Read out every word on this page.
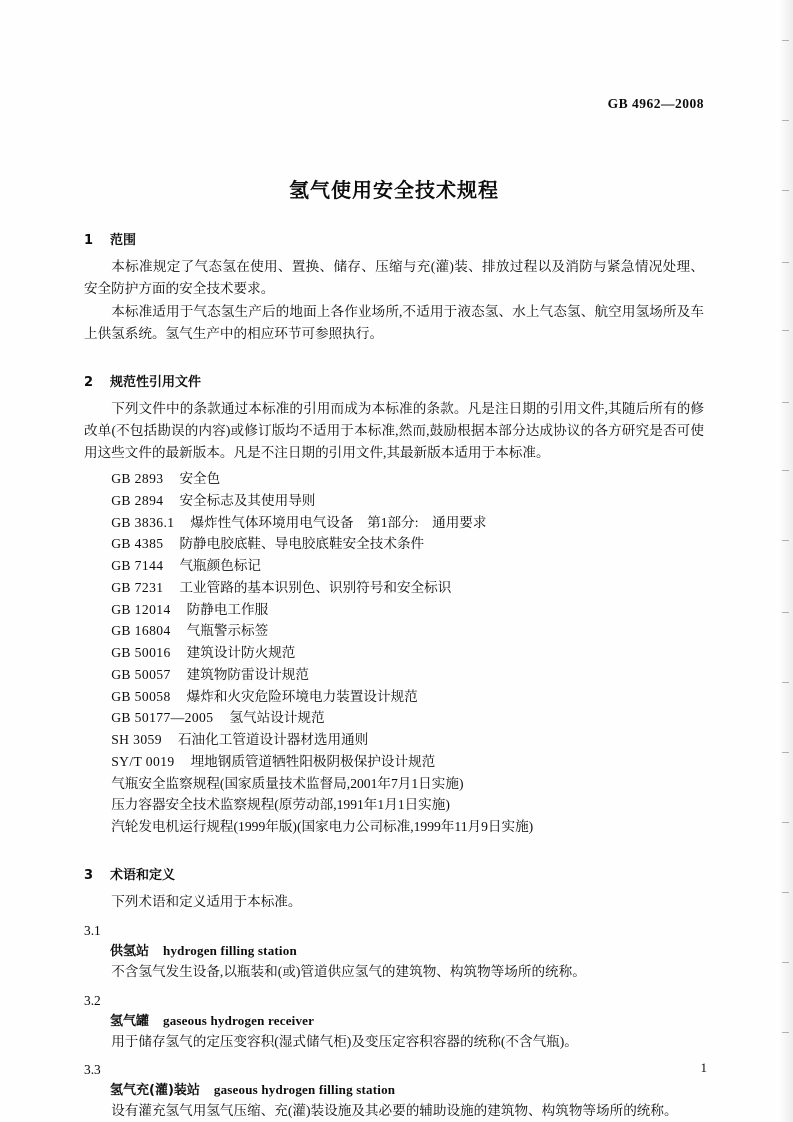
GB 4962—2008
氢气使用安全技术规程
1 范围

本标准规定了气态氢在使用、置换、储存、压缩与充(灌)装、排放过程以及消防与紧急情况处理、安全防护方面的安全技术要求。

本标准适用于气态氢生产后的地面上各作业场所,不适用于液态氢、水上气态氢、航空用氢场所及车上供氢系统。氢气生产中的相应环节可参照执行。

2 规范性引用文件

下列文件中的条款通过本标准的引用而成为本标准的条款。凡是注日期的引用文件,其随后所有的修改单(不包括勘误的内容)或修订版均不适用于本标准,然而,鼓励根据本部分达成协议的各方研究是否可使用这些文件的最新版本。凡是不注日期的引用文件,其最新版本适用于本标准。

GB 2893 安全色
GB 2894 安全标志及其使用导则
GB 3836.1 爆炸性气体环境用电气设备　第1部分:　通用要求
GB 4385 防静电胶底鞋、导电胶底鞋安全技术条件
GB 7144 气瓶颜色标记
GB 7231 工业管路的基本识别色、识别符号和安全标识
GB 12014 防静电工作服
GB 16804 气瓶警示标签
GB 50016 建筑设计防火规范
GB 50057 建筑物防雷设计规范
GB 50058 爆炸和火灾危险环境电力装置设计规范
GB 50177—2005 氢气站设计规范
SH 3059 石油化工管道设计器材选用通则
SY/T 0019 埋地钢质管道牺牲阳极阴极保护设计规范
气瓶安全监察规程(国家质量技术监督局,2001年7月1日实施)
压力容器安全技术监察规程(原劳动部,1991年1月1日实施)
汽轮发电机运行规程(1999年版)(国家电力公司标准,1999年11月9日实施)
3 术语和定义

下列术语和定义适用于本标准。

3.1
供氢站 hydrogen filling station

不含氢气发生设备,以瓶装和(或)管道供应氢气的建筑物、构筑物等场所的统称。

3.2
氢气罐 gaseous hydrogen receiver

用于储存氢气的定压变容积(湿式储气柜)及变压定容积容器的统称(不含气瓶)。

3.3
氢气充(灌)装站 gaseous hydrogen filling station

设有灌充氢气用氢气压缩、充(灌)装设施及其必要的辅助设施的建筑物、构筑物等场所的统称。

1
